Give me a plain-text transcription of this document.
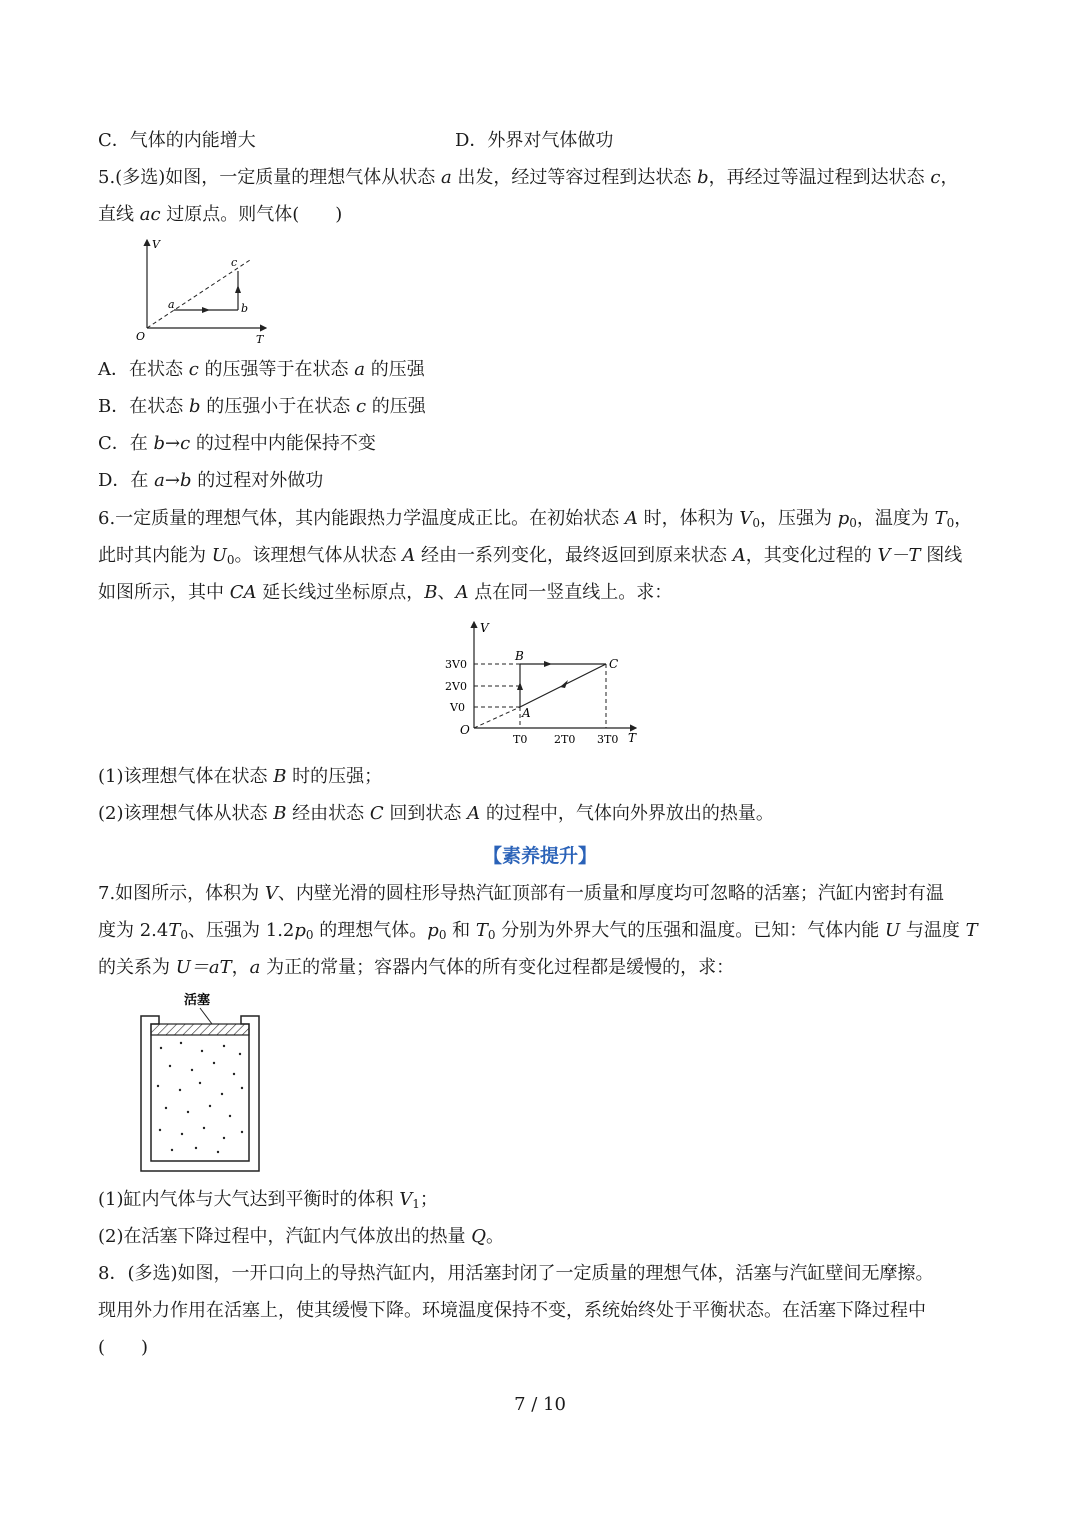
C．气体的内能增大	D．外界对气体做功
5.(多选)如图，一定质量的理想气体从状态 a 出发，经过等容过程到达状态 b，再经过等温过程到达状态 c，
直线 ac 过原点。则气体(　　)
V
T
O
a	b
c
A．在状态 c 的压强等于在状态 a 的压强
B．在状态 b 的压强小于在状态 c 的压强
C．在 b→c 的过程中内能保持不变
D．在 a→b 的过程对外做功
6.一定质量的理想气体，其内能跟热力学温度成正比。在初始状态 A 时，体积为 $V_0$，压强为 $p_0$，温度为 $T_0$，
此时其内能为 $U_0$。该理想气体从状态 A 经由一系列变化，最终返回到原来状态 A，其变化过程的 V－T 图线
如图所示，其中 CA 延长线过坐标原点，B、A 点在同一竖直线上。求：
V
T
O
3V0
2V0
V0
T0 2T0 3T0
A
B
C
(1)该理想气体在状态 B 时的压强；
(2)该理想气体从状态 B 经由状态 C 回到状态 A 的过程中，气体向外界放出的热量。
【素养提升】
7.如图所示，体积为 V、内壁光滑的圆柱形导热汽缸顶部有一质量和厚度均可忽略的活塞；汽缸内密封有温
度为 $2.4T_0$、压强为 $1.2p_0$ 的理想气体。$p_0$ 和 $T_0$ 分别为外界大气的压强和温度。已知：气体内能 U 与温度 T
的关系为 U＝aT，a 为正的常量；容器内气体的所有变化过程都是缓慢的，求：
活塞
(1)缸内气体与大气达到平衡时的体积 $V_1$；
(2)在活塞下降过程中，汽缸内气体放出的热量 Q。
8．(多选)如图，一开口向上的导热汽缸内，用活塞封闭了一定质量的理想气体，活塞与汽缸壁间无摩擦。
现用外力作用在活塞上，使其缓慢下降。环境温度保持不变，系统始终处于平衡状态。在活塞下降过程中
(　　)
7 / 10
